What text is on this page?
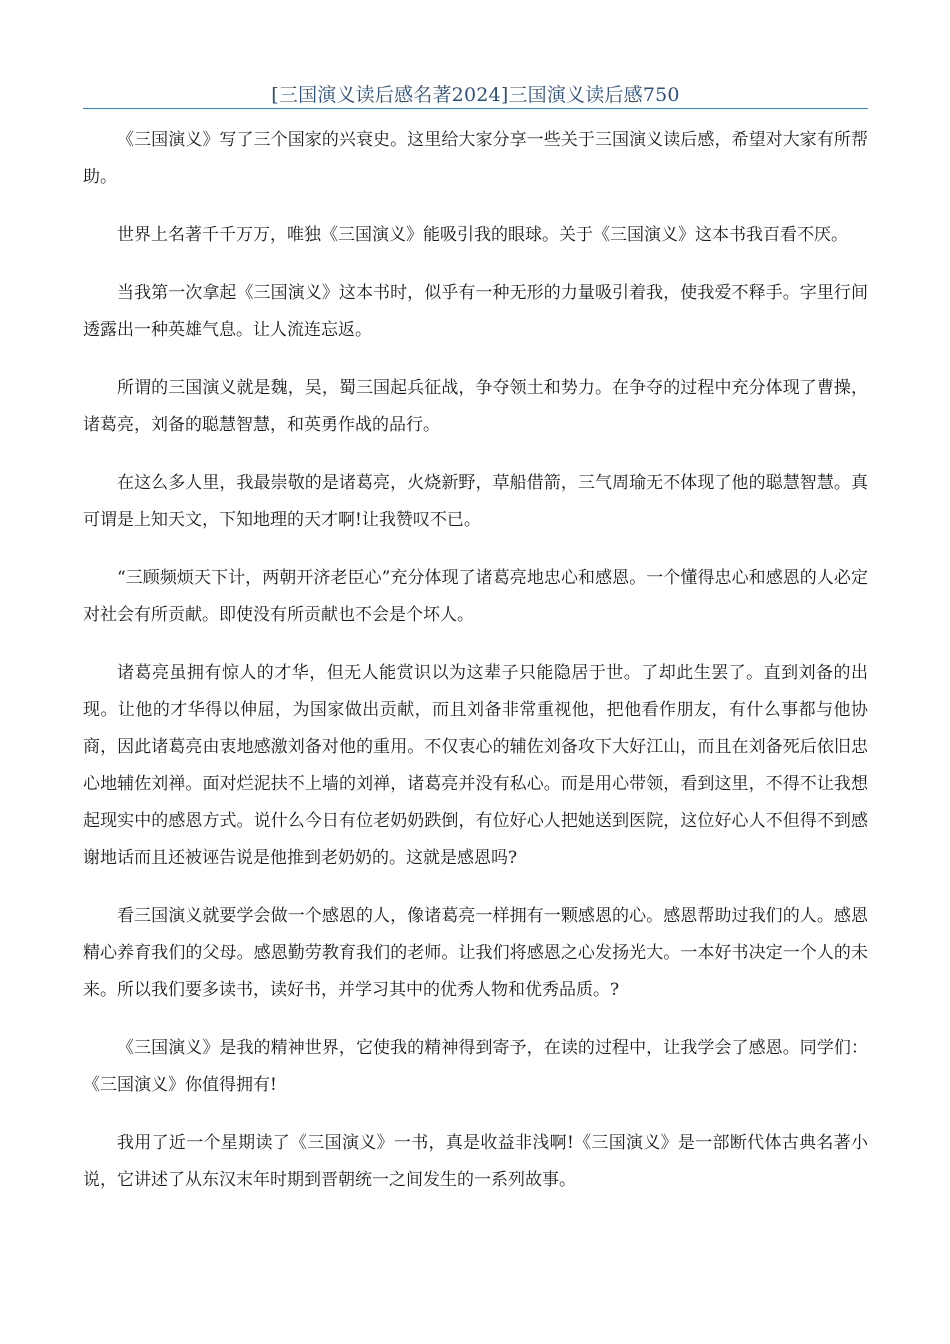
[三国演义读后感名著2024]三国演义读后感750

《三国演义》写了三个国家的兴衰史。这里给大家分享一些关于三国演义读后感，希望对大家有所帮助。

世界上名著千千万万，唯独《三国演义》能吸引我的眼球。关于《三国演义》这本书我百看不厌。

当我第一次拿起《三国演义》这本书时，似乎有一种无形的力量吸引着我，使我爱不释手。字里行间透露出一种英雄气息。让人流连忘返。

所谓的三国演义就是魏，吴，蜀三国起兵征战，争夺领土和势力。在争夺的过程中充分体现了曹操，诸葛亮，刘备的聪慧智慧，和英勇作战的品行。

在这么多人里，我最崇敬的是诸葛亮，火烧新野，草船借箭，三气周瑜无不体现了他的聪慧智慧。真可谓是上知天文，下知地理的天才啊!让我赞叹不已。

“三顾频烦天下计，两朝开济老臣心”充分体现了诸葛亮地忠心和感恩。一个懂得忠心和感恩的人必定对社会有所贡献。即使没有所贡献也不会是个坏人。

诸葛亮虽拥有惊人的才华，但无人能赏识以为这辈子只能隐居于世。了却此生罢了。直到刘备的出现。让他的才华得以伸屈，为国家做出贡献，而且刘备非常重视他，把他看作朋友，有什么事都与他协商，因此诸葛亮由衷地感激刘备对他的重用。不仅衷心的辅佐刘备攻下大好江山，而且在刘备死后依旧忠心地辅佐刘禅。面对烂泥扶不上墙的刘禅，诸葛亮并没有私心。而是用心带领，看到这里，不得不让我想起现实中的感恩方式。说什么今日有位老奶奶跌倒，有位好心人把她送到医院，这位好心人不但得不到感谢地话而且还被诬告说是他推到老奶奶的。这就是感恩吗?

看三国演义就要学会做一个感恩的人，像诸葛亮一样拥有一颗感恩的心。感恩帮助过我们的人。感恩精心养育我们的父母。感恩勤劳教育我们的老师。让我们将感恩之心发扬光大。一本好书决定一个人的未来。所以我们要多读书，读好书，并学习其中的优秀人物和优秀品质。?

《三国演义》是我的精神世界，它使我的精神得到寄予，在读的过程中，让我学会了感恩。同学们：《三国演义》你值得拥有!

我用了近一个星期读了《三国演义》一书，真是收益非浅啊!《三国演义》是一部断代体古典名著小说，它讲述了从东汉末年时期到晋朝统一之间发生的一系列故事。
